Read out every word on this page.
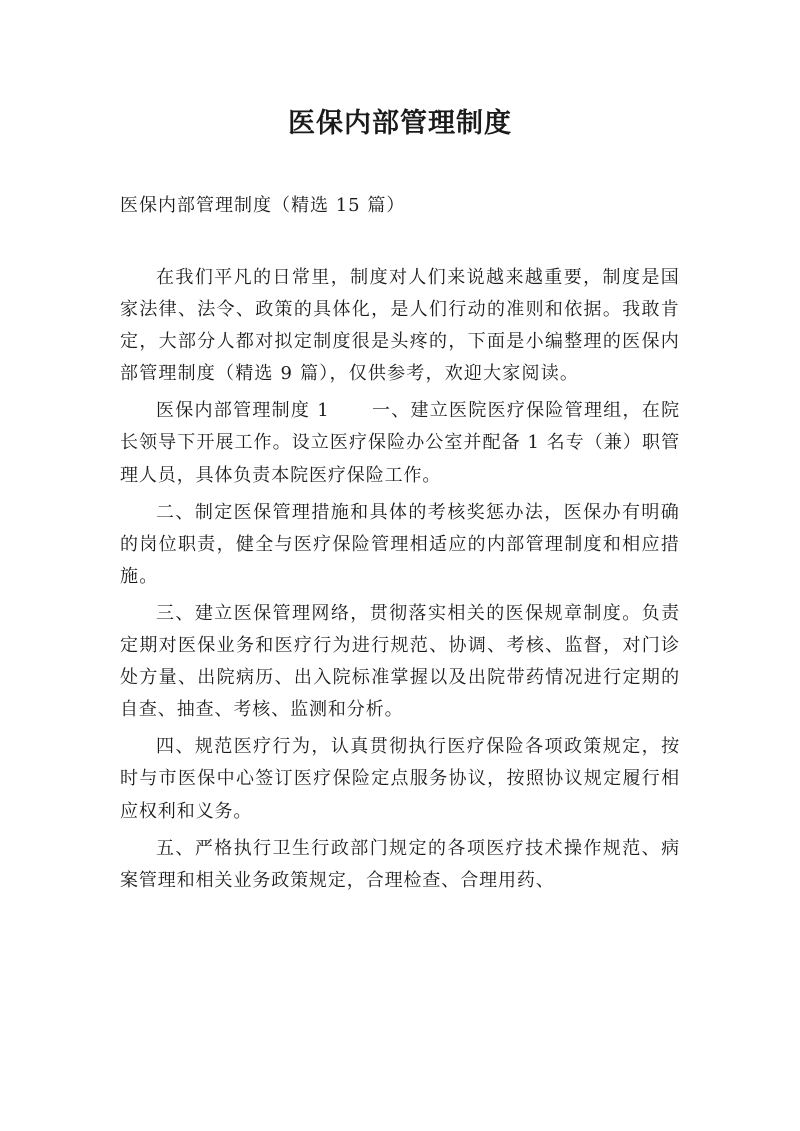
医保内部管理制度
医保内部管理制度（精选 15 篇）

在我们平凡的日常里，制度对人们来说越来越重要，制度是国家法律、法令、政策的具体化，是人们行动的准则和依据。我敢肯定，大部分人都对拟定制度很是头疼的，下面是小编整理的医保内部管理制度（精选 9 篇），仅供参考，欢迎大家阅读。

医保内部管理制度 1 一、建立医院医疗保险管理组，在院长领导下开展工作。设立医疗保险办公室并配备 1 名专（兼）职管理人员，具体负责本院医疗保险工作。

二、制定医保管理措施和具体的考核奖惩办法，医保办有明确的岗位职责，健全与医疗保险管理相适应的内部管理制度和相应措施。

三、建立医保管理网络，贯彻落实相关的医保规章制度。负责定期对医保业务和医疗行为进行规范、协调、考核、监督，对门诊处方量、出院病历、出入院标准掌握以及出院带药情况进行定期的自查、抽查、考核、监测和分析。

四、规范医疗行为，认真贯彻执行医疗保险各项政策规定，按时与市医保中心签订医疗保险定点服务协议，按照协议规定履行相应权利和义务。

五、严格执行卫生行政部门规定的各项医疗技术操作规范、病案管理和相关业务政策规定，合理检查、合理用药、
